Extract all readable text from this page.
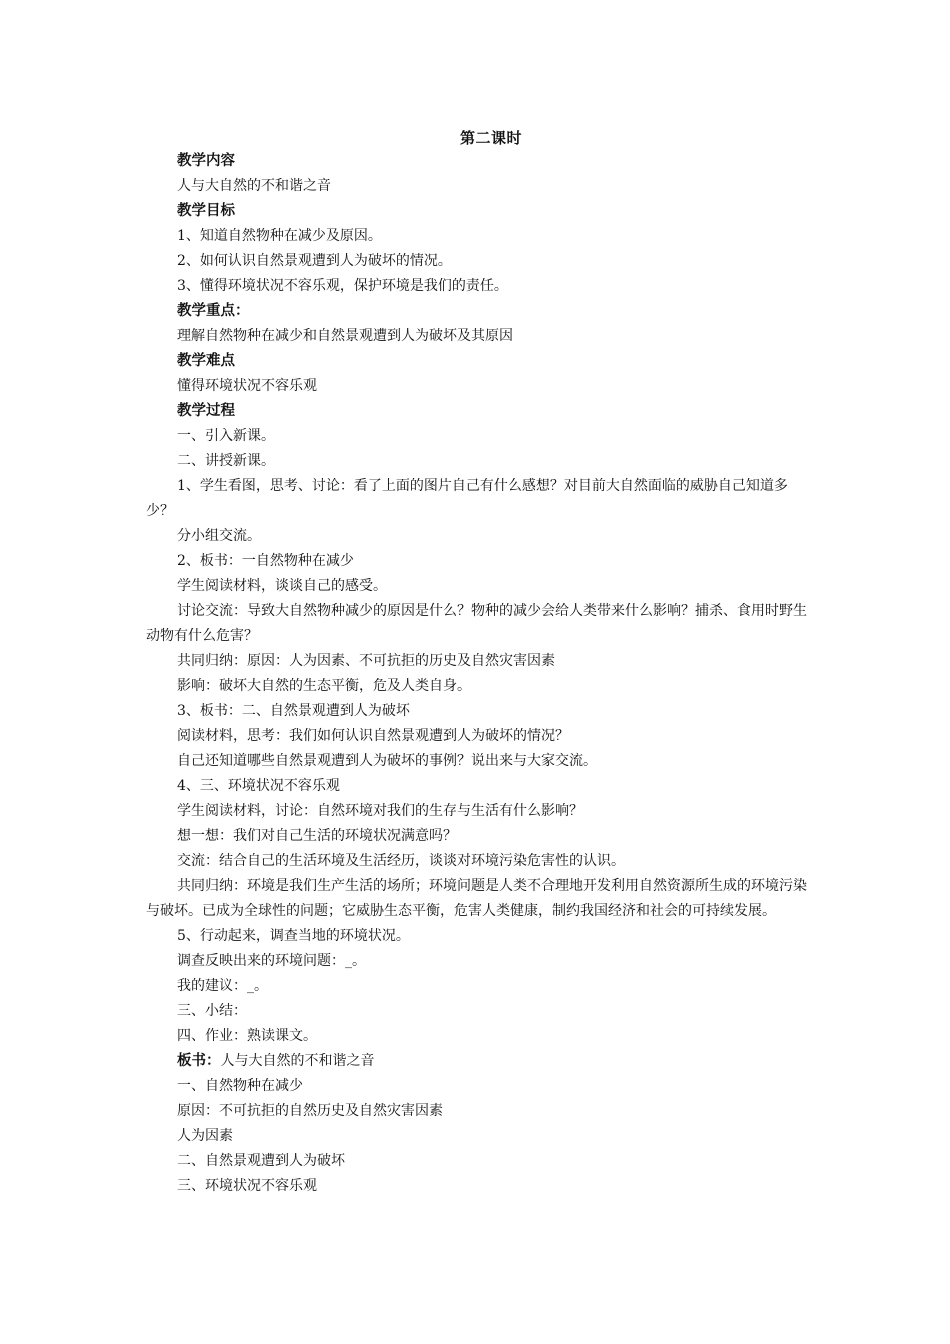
第二课时

教学内容

人与大自然的不和谐之音

教学目标

1、知道自然物种在减少及原因。

2、如何认识自然景观遭到人为破坏的情况。

3、懂得环境状况不容乐观，保护环境是我们的责任。

教学重点：

理解自然物种在减少和自然景观遭到人为破坏及其原因

教学难点

懂得环境状况不容乐观

教学过程

一、引入新课。

二、讲授新课。

1、学生看图，思考、讨论：看了上面的图片自己有什么感想？对目前大自然面临的威胁自己知道多少？

分小组交流。

2、板书：一自然物种在减少

学生阅读材料，谈谈自己的感受。

讨论交流：导致大自然物种减少的原因是什么？物种的减少会给人类带来什么影响？捕杀、食用时野生动物有什么危害？

共同归纳：原因：人为因素、不可抗拒的历史及自然灾害因素

影响：破坏大自然的生态平衡，危及人类自身。

3、板书：二、自然景观遭到人为破坏

阅读材料，思考：我们如何认识自然景观遭到人为破坏的情况？

自己还知道哪些自然景观遭到人为破坏的事例？说出来与大家交流。

4、三、环境状况不容乐观

学生阅读材料，讨论：自然环境对我们的生存与生活有什么影响？

想一想：我们对自己生活的环境状况满意吗？

交流：结合自己的生活环境及生活经历，谈谈对环境污染危害性的认识。

共同归纳：环境是我们生产生活的场所；环境问题是人类不合理地开发利用自然资源所生成的环境污染与破坏。已成为全球性的问题；它威胁生态平衡，危害人类健康，制约我国经济和社会的可持续发展。

5、行动起来，调查当地的环境状况。

调查反映出来的环境问题：_。

我的建议：_。

三、小结：

四、作业：熟读课文。

板书：人与大自然的不和谐之音

一、自然物种在减少

原因：不可抗拒的自然历史及自然灾害因素

人为因素

二、自然景观遭到人为破坏

三、环境状况不容乐观
